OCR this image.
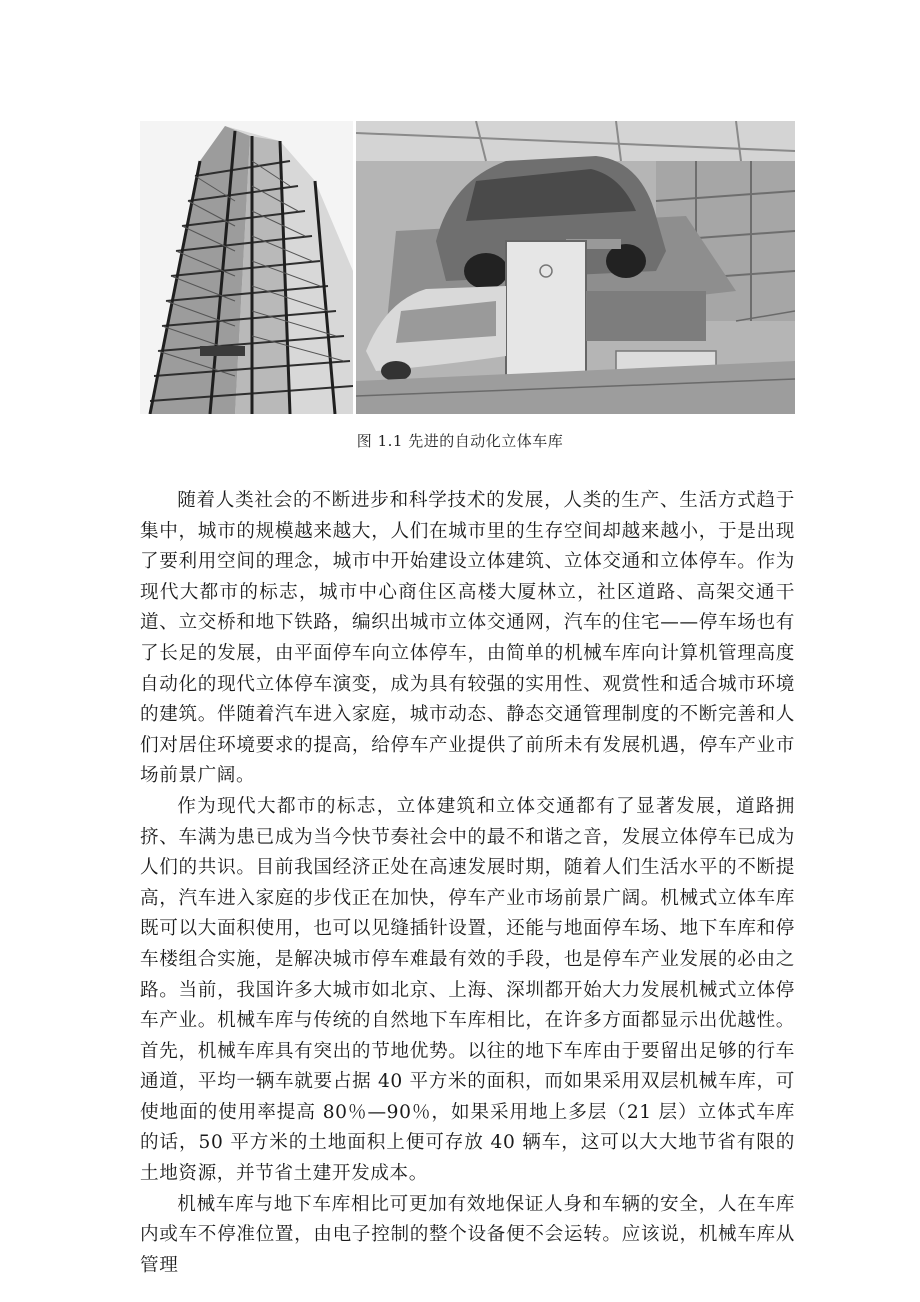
图 1.1 先进的自动化立体车库

随着人类社会的不断进步和科学技术的发展，人类的生产、生活方式趋于集中，城市的规模越来越大，人们在城市里的生存空间却越来越小，于是出现了要利用空间的理念，城市中开始建设立体建筑、立体交通和立体停车。作为现代大都市的标志，城市中心商住区高楼大厦林立，社区道路、高架交通干道、立交桥和地下铁路，编织出城市立体交通网，汽车的住宅——停车场也有了长足的发展，由平面停车向立体停车，由简单的机械车库向计算机管理高度自动化的现代立体停车演变，成为具有较强的实用性、观赏性和适合城市环境的建筑。伴随着汽车进入家庭，城市动态、静态交通管理制度的不断完善和人们对居住环境要求的提高，给停车产业提供了前所未有发展机遇，停车产业市场前景广阔。

作为现代大都市的标志，立体建筑和立体交通都有了显著发展，道路拥挤、车满为患已成为当今快节奏社会中的最不和谐之音，发展立体停车已成为人们的共识。目前我国经济正处在高速发展时期，随着人们生活水平的不断提高，汽车进入家庭的步伐正在加快，停车产业市场前景广阔。机械式立体车库既可以大面积使用，也可以见缝插针设置，还能与地面停车场、地下车库和停车楼组合实施，是解决城市停车难最有效的手段，也是停车产业发展的必由之路。当前，我国许多大城市如北京、上海、深圳都开始大力发展机械式立体停车产业。机械车库与传统的自然地下车库相比，在许多方面都显示出优越性。首先，机械车库具有突出的节地优势。以往的地下车库由于要留出足够的行车通道，平均一辆车就要占据 40 平方米的面积，而如果采用双层机械车库，可使地面的使用率提高 80％—90％，如果采用地上多层（21 层）立体式车库的话，50 平方米的土地面积上便可存放 40 辆车，这可以大大地节省有限的土地资源，并节省土建开发成本。

机械车库与地下车库相比可更加有效地保证人身和车辆的安全，人在车库内或车不停准位置，由电子控制的整个设备便不会运转。应该说，机械车库从管理
